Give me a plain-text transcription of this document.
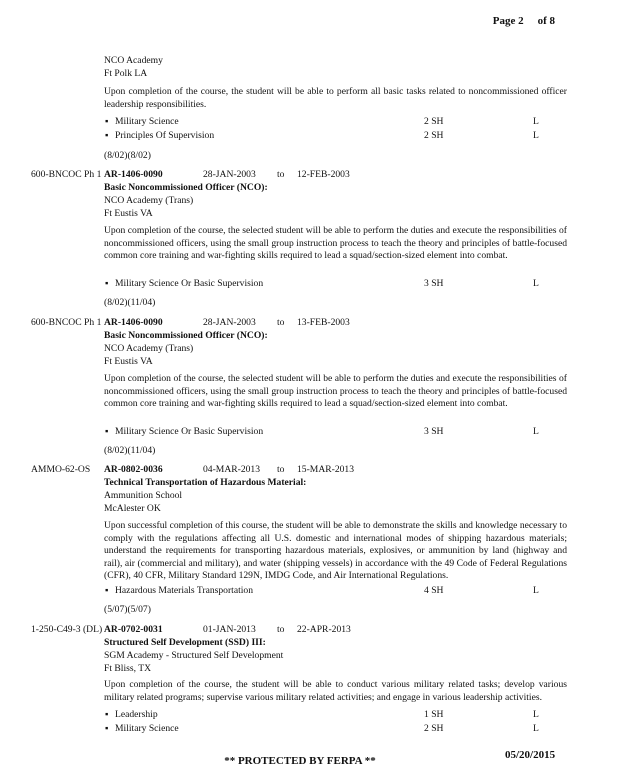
Page 2 of 8
NCO Academy
Ft Polk LA
Upon completion of the course, the student will be able to perform all basic tasks related to noncommissioned officer leadership responsibilities.
▪ Military Science	2 SH	L
▪ Principles Of Supervision	2 SH	L
(8/02)(8/02)
600-BNCOC Ph 1 AR-1406-0090	28-JAN-2003 to 12-FEB-2003
Basic Noncommissioned Officer (NCO):
NCO Academy (Trans)
Ft Eustis VA
Upon completion of the course, the selected student will be able to perform the duties and execute the responsibilities of noncommissioned officers, using the small group instruction process to teach the theory and principles of battle-focused common core training and war-fighting skills required to lead a squad/section-sized element into combat.
▪ Military Science Or Basic Supervision	3 SH	L
(8/02)(11/04)
600-BNCOC Ph 1 AR-1406-0090	28-JAN-2003 to 13-FEB-2003
Basic Noncommissioned Officer (NCO):
NCO Academy (Trans)
Ft Eustis VA
Upon completion of the course, the selected student will be able to perform the duties and execute the responsibilities of noncommissioned officers, using the small group instruction process to teach the theory and principles of battle-focused common core training and war-fighting skills required to lead a squad/section-sized element into combat.
▪ Military Science Or Basic Supervision	3 SH	L
(8/02)(11/04)
AMMO-62-OS AR-0802-0036	04-MAR-2013 to 15-MAR-2013
Technical Transportation of Hazardous Material:
Ammunition School
McAlester OK
Upon successful completion of this course, the student will be able to demonstrate the skills and knowledge necessary to comply with the regulations affecting all U.S. domestic and international modes of shipping hazardous materials; understand the requirements for transporting hazardous materials, explosives, or ammunition by land (highway and rail), air (commercial and military), and water (shipping vessels) in accordance with the 49 Code of Federal Regulations (CFR), 40 CFR, Military Standard 129N, IMDG Code, and Air International Regulations.
▪ Hazardous Materials Transportation	4 SH	L
(5/07)(5/07)
1-250-C49-3 (DL) AR-0702-0031	01-JAN-2013 to 22-APR-2013
Structured Self Development (SSD) III:
SGM Academy - Structured Self Development
Ft Bliss, TX
Upon completion of the course, the student will be able to conduct various military related tasks; develop various military related programs; supervise various military related activities; and engage in various leadership activities.
▪ Leadership	1 SH	L
▪ Military Science	2 SH	L
** PROTECTED BY FERPA **	05/20/2015
